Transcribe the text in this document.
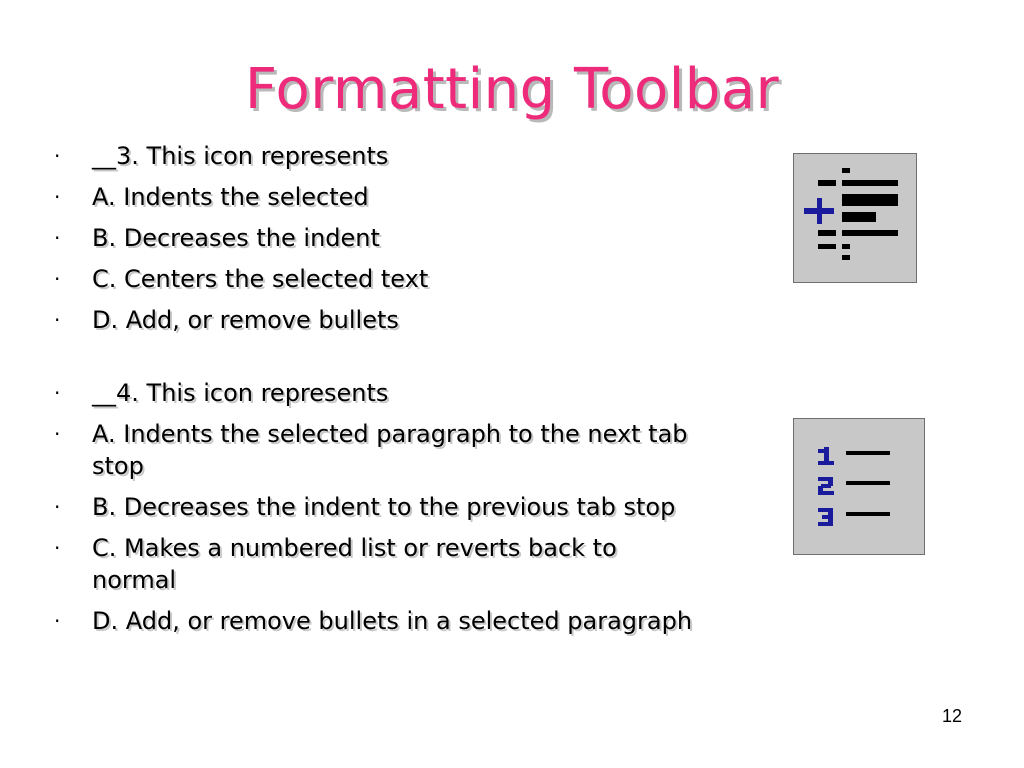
Formatting Toolbar
· __3. This icon represents
· A. Indents the selected
· B. Decreases the indent
· C. Centers the selected text
· D. Add, or remove bullets
· __4. This icon represents
· A. Indents the selected paragraph to the next tab stop
· B. Decreases the indent to the previous tab stop
· C. Makes a numbered list or reverts back to normal
· D. Add, or remove bullets in a selected paragraph
12
